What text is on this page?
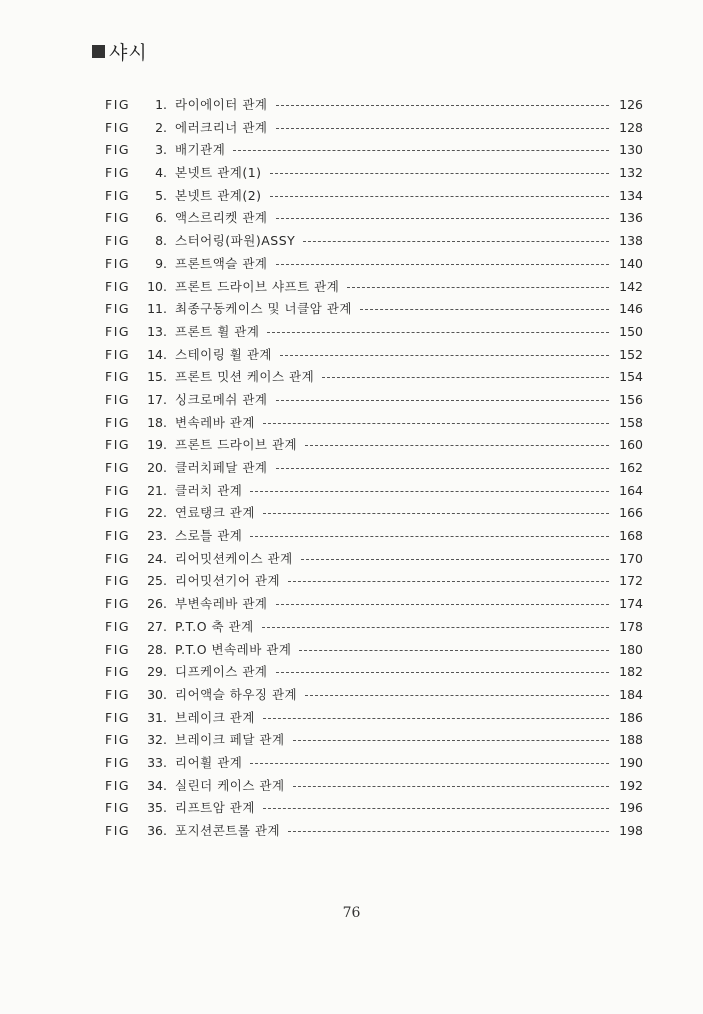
샤시
FIG	1. 라이에이터 관계	126
FIG	2. 에러크리너 관계	128
FIG	3. 배기관계	130
FIG	4. 본넷트 관계(1)	132
FIG	5. 본넷트 관계(2)	134
FIG	6. 액스르리켓 관계	136
FIG	8. 스터어링(파원)ASSY	138
FIG	9. 프론트액슬 관계	140
FIG	10. 프론트 드라이브 샤프트 관계	142
FIG	11. 최종구동케이스 및 너클암 관계	146
FIG	13. 프론트 휠 관계	150
FIG	14. 스테이링 휠 관계	152
FIG	15. 프론트 밋션 케이스 관계	154
FIG	17. 싱크로메쉬 관계	156
FIG	18. 변속레바 관계	158
FIG	19. 프론트 드라이브 관계	160
FIG	20. 클러치페달 관계	162
FIG	21. 클러치 관계	164
FIG	22. 연료탱크 관계	166
FIG	23. 스로틀 관계	168
FIG	24. 리어밋션케이스 관계	170
FIG	25. 리어밋션기어 관계	172
FIG	26. 부변속레바 관계	174
FIG	27. P.T.O 축 관계	178
FIG	28. P.T.O 변속레바 관계	180
FIG	29. 디프케이스 관계	182
FIG	30. 리어액슬 하우징 관계	184
FIG	31. 브레이크 관계	186
FIG	32. 브레이크 페달 관계	188
FIG	33. 리어휠 관계	190
FIG	34. 실린더 케이스 관계	192
FIG	35. 리프트암 관계	196
FIG	36. 포지션콘트롤 관계	198
76
